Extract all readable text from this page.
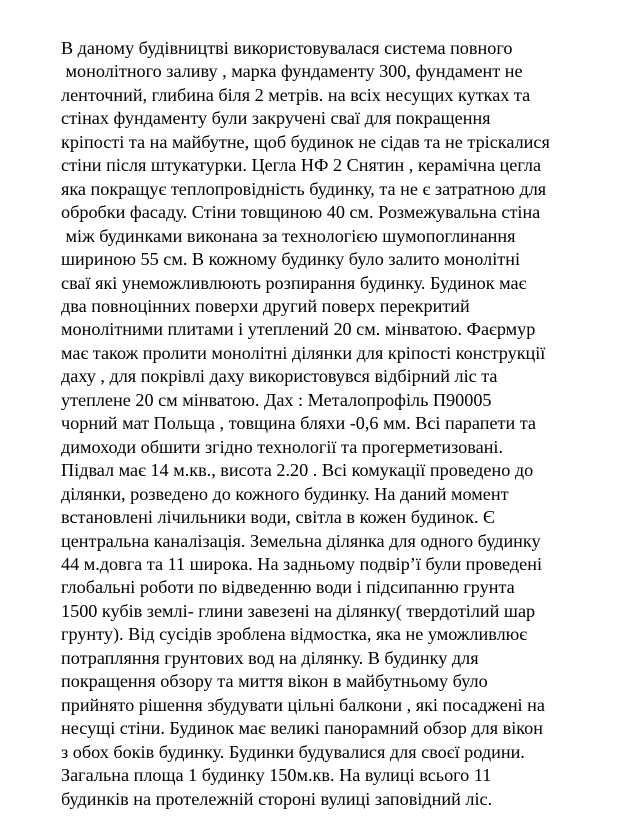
В даному будівництві використовувалася система повного
монолітного заливу , марка фундаменту 300, фундамент не
ленточний, глибина біля 2 метрів. на всіх несущих кутках та
стінах фундаменту були закручені сваї для покращення
кріпості та на майбутне, щоб будинок не сідав та не тріскалися
стіни після штукатурки. Цегла НФ 2 Снятин , керамічна цегла
яка покращує теплопровідність будинку, та не є затратною для
обробки фасаду. Стіни товщиною 40 см. Розмежувальна стіна
між будинками виконана за технологією шумопоглинання
шириною 55 см. В кожному будинку було залито монолітні
сваї які унеможливлюють розпирання будинку. Будинок має
два повноцінних поверхи другий поверх перекритий
монолітними плитами і утеплений 20 см. мінватою. Фаєрмур
має також пролити монолітні ділянки для кріпості конструкції
даху , для покрівлі даху використовувся відбірний ліс та
утеплене 20 см мінватою. Дах : Металопрофіль П90005
чорний мат Польща , товщина бляхи -0,6 мм. Всі парапети та
димоходи обшити згідно технології та прогерметизовані.
Підвал має 14 м.кв., висота 2.20 . Всі комукації проведено до
ділянки, розведено до кожного будинку. На даний момент
встановлені лічильники води, світла в кожен будинок. Є
центральна каналізація. Земельна ділянка для одного будинку
44 м.довга та 11 широка. На задньому подвірʼї були проведені
глобальні роботи по відведенню води і підсипанню грунта
1500 кубів землі- глини завезені на ділянку( твердотілий шар
грунту). Від сусідів зроблена відмостка, яка не уможливлює
потрапляння грунтових вод на ділянку. В будинку для
покращення обзору та миття вікон в майбутньому було
прийнято рішення збудувати цільні балкони , які посаджені на
несущі стіни. Будинок має великі панорамний обзор для вікон
з обох боків будинку. Будинки будувалися для своєї родини.
Загальна площа 1 будинку 150м.кв. На вулиці всього 11
будинків на протележній стороні вулиці заповідний ліс.
